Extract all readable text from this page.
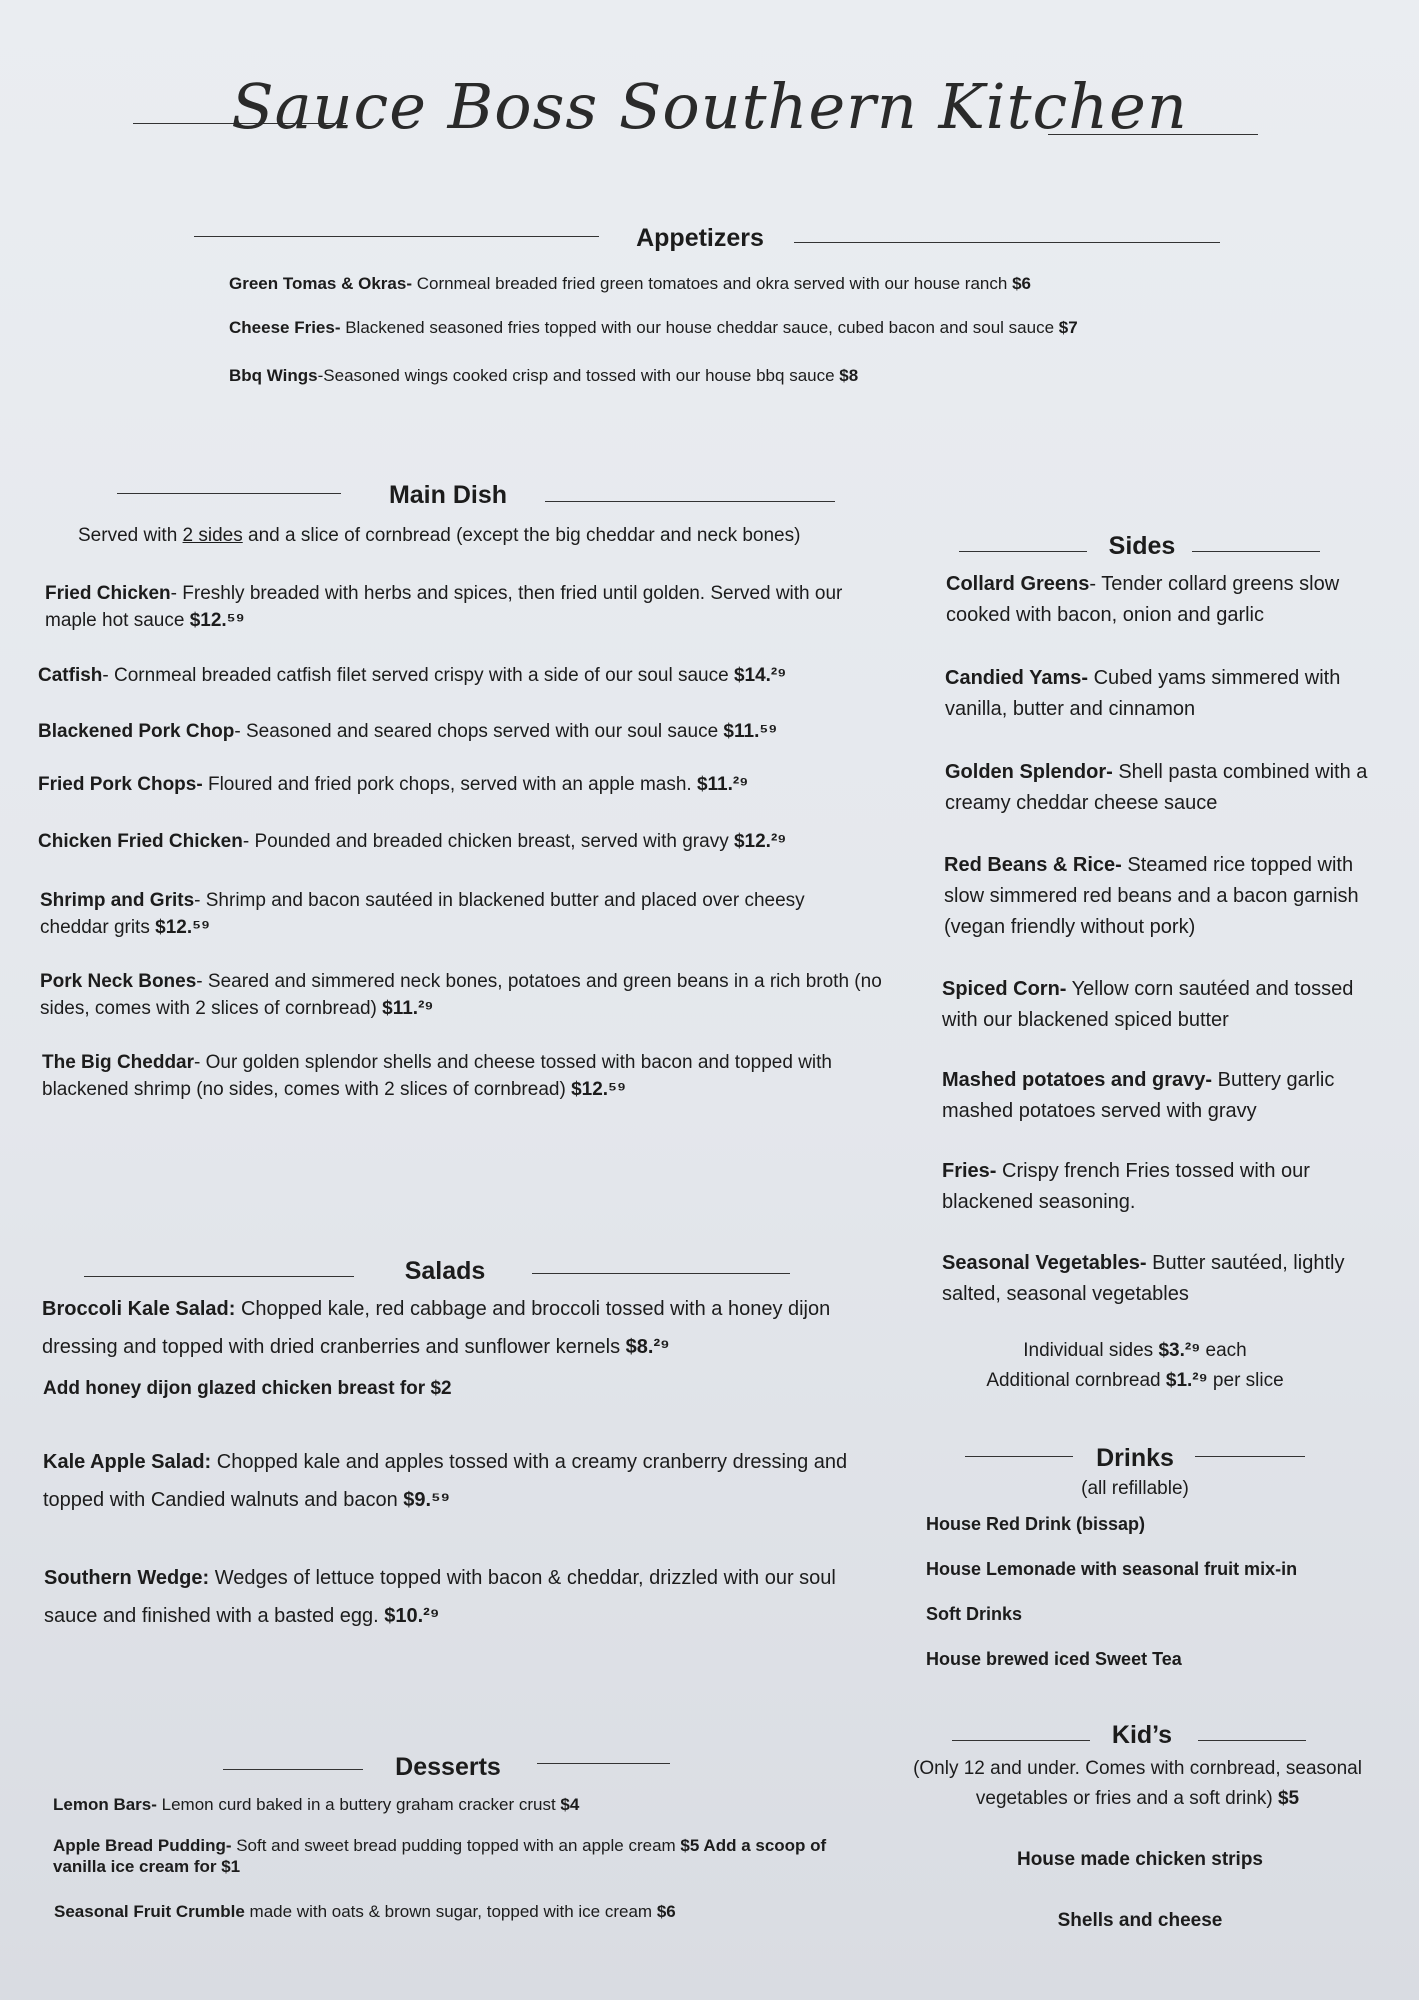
Sauce Boss Southern Kitchen
Appetizers
Green Tomas & Okras- Cornmeal breaded fried green tomatoes and okra served with our house ranch $6
Cheese Fries- Blackened seasoned fries topped with our house cheddar sauce, cubed bacon and soul sauce $7
Bbq Wings-Seasoned wings cooked crisp and tossed with our house bbq sauce $8
Main Dish
Served with 2 sides and a slice of cornbread (except the big cheddar and neck bones)
Fried Chicken- Freshly breaded with herbs and spices, then fried until golden. Served with our maple hot sauce $12.⁵⁹
Catfish- Cornmeal breaded catfish filet served crispy with a side of our soul sauce $14.²⁹
Blackened Pork Chop- Seasoned and seared chops served with our soul sauce $11.⁵⁹
Fried Pork Chops- Floured and fried pork chops, served with an apple mash. $11.²⁹
Chicken Fried Chicken- Pounded and breaded chicken breast, served with gravy $12.²⁹
Shrimp and Grits- Shrimp and bacon sautéed in blackened butter and placed over cheesy cheddar grits $12.⁵⁹
Pork Neck Bones- Seared and simmered neck bones, potatoes and green beans in a rich broth (no sides, comes with 2 slices of cornbread) $11.²⁹
The Big Cheddar- Our golden splendor shells and cheese tossed with bacon and topped with blackened shrimp (no sides, comes with 2 slices of cornbread) $12.⁵⁹
Sides
Collard Greens- Tender collard greens slow cooked with bacon, onion and garlic
Candied Yams- Cubed yams simmered with vanilla, butter and cinnamon
Golden Splendor- Shell pasta combined with a creamy cheddar cheese sauce
Red Beans & Rice- Steamed rice topped with slow simmered red beans and a bacon garnish (vegan friendly without pork)
Spiced Corn- Yellow corn sautéed and tossed with our blackened spiced butter
Mashed potatoes and gravy- Buttery garlic mashed potatoes served with gravy
Fries- Crispy french Fries tossed with our blackened seasoning.
Seasonal Vegetables- Butter sautéed, lightly salted, seasonal vegetables
Individual sides $3.²⁹ each
Additional cornbread $1.²⁹ per slice
Salads
Broccoli Kale Salad: Chopped kale, red cabbage and broccoli tossed with a honey dijon dressing and topped with dried cranberries and sunflower kernels $8.²⁹
Add honey dijon glazed chicken breast for $2
Kale Apple Salad: Chopped kale and apples tossed with a creamy cranberry dressing and topped with Candied walnuts and bacon $9.⁵⁹
Southern Wedge: Wedges of lettuce topped with bacon & cheddar, drizzled with our soul sauce and finished with a basted egg. $10.²⁹
Drinks
(all refillable)
House Red Drink (bissap)
House Lemonade with seasonal fruit mix-in
Soft Drinks
House brewed iced Sweet Tea
Kid’s
(Only 12 and under. Comes with cornbread, seasonal vegetables or fries and a soft drink) $5
House made chicken strips
Shells and cheese
Desserts
Lemon Bars- Lemon curd baked in a buttery graham cracker crust $4
Apple Bread Pudding- Soft and sweet bread pudding topped with an apple cream $5 Add a scoop of vanilla ice cream for $1
Seasonal Fruit Crumble made with oats & brown sugar, topped with ice cream $6
